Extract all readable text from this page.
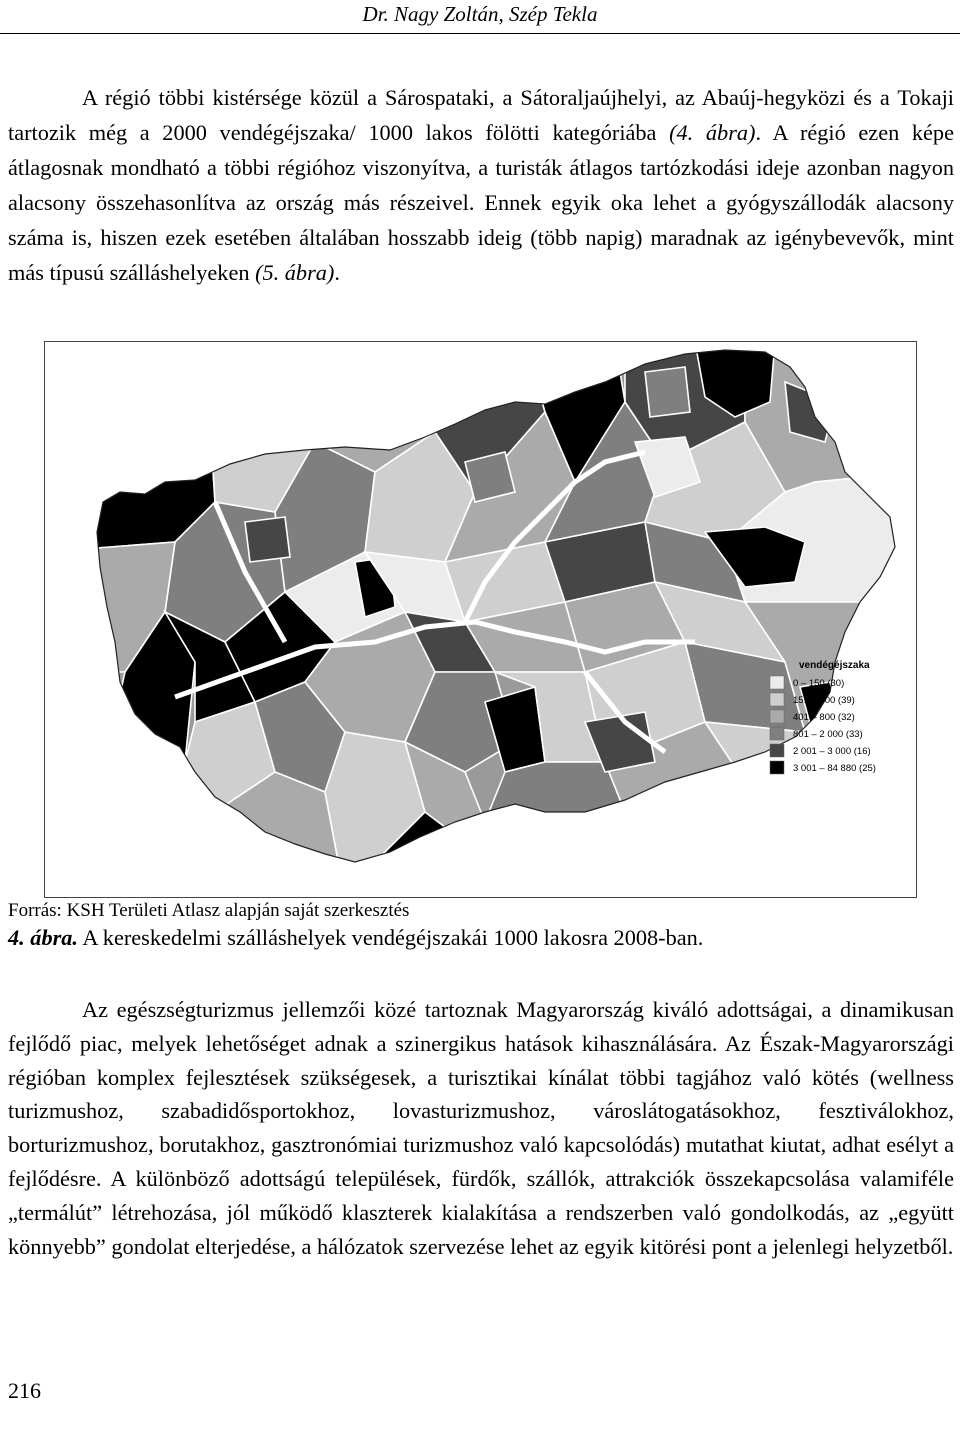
Dr. Nagy Zoltán, Szép Tekla
A régió többi kistérsége közül a Sárospataki, a Sátoraljaújhelyi, az Abaúj-hegyközi és a Tokaji tartozik még a 2000 vendégéjszaka/ 1000 lakos fölötti kategóriába (4. ábra). A régió ezen képe átlagosnak mondható a többi régióhoz viszonyítva, a turisták átlagos tartózkodási ideje azonban nagyon alacsony összehasonlítva az ország más részeivel. Ennek egyik oka lehet a gyógyszállodák alacsony száma is, hiszen ezek esetében általában hosszabb ideig (több napig) maradnak az igénybevevők, mint más típusú szálláshelyeken (5. ábra).
vendégéjszaka
0 – 150 (30)
151 – 400 (39)
401 – 800 (32)
801 – 2 000 (33)
2 001 – 3 000 (16)
3 001 – 84 880 (25)
Forrás: KSH Területi Atlasz alapján saját szerkesztés
4. ábra. A kereskedelmi szálláshelyek vendégéjszakái 1000 lakosra 2008-ban.
Az egészségturizmus jellemzői közé tartoznak Magyarország kiváló adottságai, a dinamikusan fejlődő piac, melyek lehetőséget adnak a szinergikus hatások kihasználására. Az Észak-Magyarországi régióban komplex fejlesztések szükségesek, a turisztikai kínálat többi tagjához való kötés (wellness turizmushoz, szabadidősportokhoz, lovasturizmushoz, városlátogatásokhoz, fesztiválokhoz, borturizmushoz, borutakhoz, gasztronómiai turizmushoz való kapcsolódás) mutathat kiutat, adhat esélyt a fejlődésre. A különböző adottságú települések, fürdők, szállók, attrakciók összekapcsolása valamiféle „termálút” létrehozása, jól működő klaszterek kialakítása a rendszerben való gondolkodás, az „együtt könnyebb” gondolat elterjedése, a hálózatok szervezése lehet az egyik kitörési pont a jelenlegi helyzetből.
216
